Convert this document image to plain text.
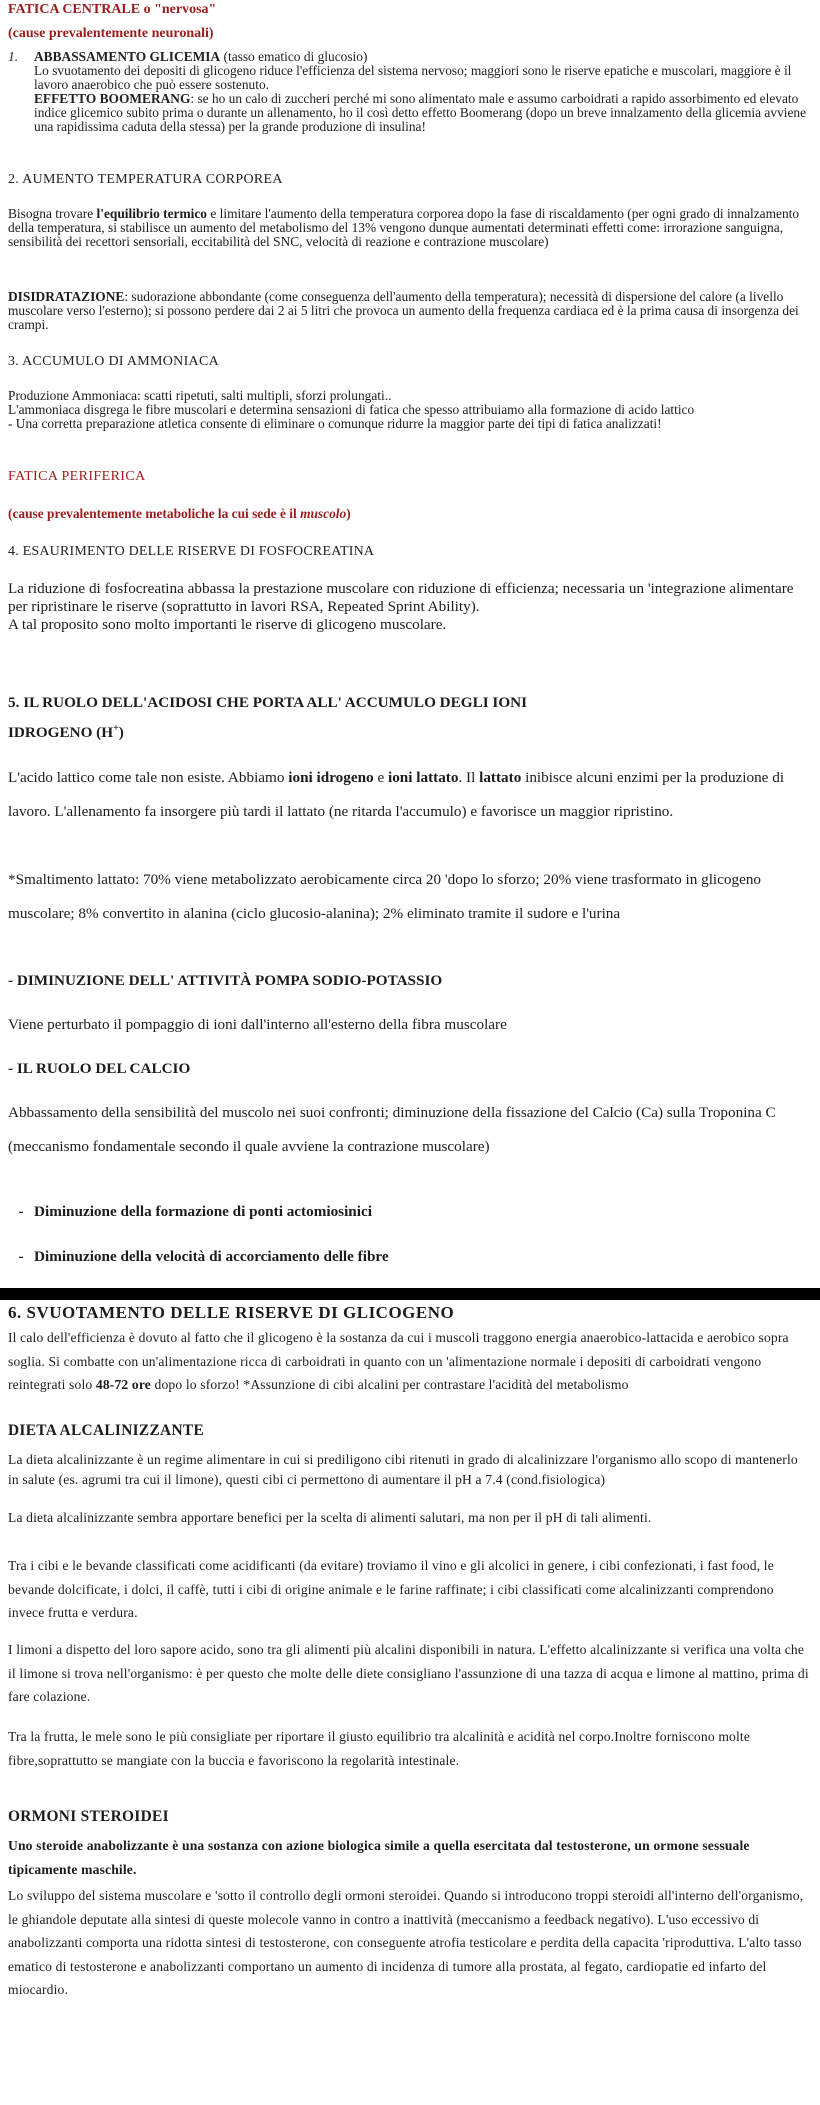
FATICA CENTRALE o "nervosa"

(cause prevalentemente neuronali)

1. ABBASSAMENTO GLICEMIA (tasso ematico di glucosio)
Lo svuotamento dei depositi di glicogeno riduce l'efficienza del sistema nervoso; maggiori sono le riserve epatiche e muscolari, maggiore è il lavoro anaerobico che può essere sostenuto.
EFFETTO BOOMERANG: se ho un calo di zuccheri perché mi sono alimentato male e assumo carboidrati a rapido assorbimento ed elevato indice glicemico subito prima o durante un allenamento, ho il così detto effetto Boomerang (dopo un breve innalzamento della glicemia avviene una rapidissima caduta della stessa) per la grande produzione di insulina!

2. AUMENTO TEMPERATURA CORPOREA

Bisogna trovare l'equilibrio termico e limitare l'aumento della temperatura corporea dopo la fase di riscaldamento (per ogni grado di innalzamento della temperatura, si stabilisce un aumento del metabolismo del 13% vengono dunque aumentati determinati effetti come: irrorazione sanguigna, sensibilità dei recettori sensoriali, eccitabilità del SNC, velocità di reazione e contrazione muscolare)

DISIDRATAZIONE: sudorazione abbondante (come conseguenza dell'aumento della temperatura); necessità di dispersione del calore (a livello muscolare verso l'esterno); si possono perdere dai 2 ai 5 litri che provoca un aumento della frequenza cardiaca ed è la prima causa di insorgenza dei crampi.

3. ACCUMULO DI AMMONIACA

Produzione Ammoniaca: scatti ripetuti, salti multipli, sforzi prolungati..
L'ammoniaca disgrega le fibre muscolari e determina sensazioni di fatica che spesso attribuiamo alla formazione di acido lattico
- Una corretta preparazione atletica consente di eliminare o comunque ridurre la maggior parte dei tipi di fatica analizzati!

FATICA PERIFERICA

(cause prevalentemente metaboliche la cui sede è il muscolo)

4. ESAURIMENTO DELLE RISERVE DI FOSFOCREATINA

La riduzione di fosfocreatina abbassa la prestazione muscolare con riduzione di efficienza; necessaria un 'integrazione alimentare per ripristinare le riserve (soprattutto in lavori RSA, Repeated Sprint Ability).
A tal proposito sono molto importanti le riserve di glicogeno muscolare.
5. IL RUOLO DELL'ACIDOSI CHE PORTA ALL' ACCUMULO DEGLI IONI
IDROGENO (H+)

L'acido lattico come tale non esiste. Abbiamo ioni idrogeno e ioni lattato. Il lattato inibisce alcuni enzimi per la produzione di lavoro. L'allenamento fa insorgere più tardi il lattato (ne ritarda l'accumulo) e favorisce un maggior ripristino.

*Smaltimento lattato: 70% viene metabolizzato aerobicamente circa 20 'dopo lo sforzo; 20% viene trasformato in glicogeno muscolare; 8% convertito in alanina (ciclo glucosio-alanina); 2% eliminato tramite il sudore e l'urina

- DIMINUZIONE DELL' ATTIVITÀ POMPA SODIO-POTASSIO

Viene perturbato il pompaggio di ioni dall'interno all'esterno della fibra muscolare

- IL RUOLO DEL CALCIO

Abbassamento della sensibilità del muscolo nei suoi confronti; diminuzione della fissazione del Calcio (Ca) sulla Troponina C (meccanismo fondamentale secondo il quale avviene la contrazione muscolare)

- Diminuzione della formazione di ponti actomiosinici
- Diminuzione della velocità di accorciamento delle fibre

6. SVUOTAMENTO DELLE RISERVE DI GLICOGENO

Il calo dell'efficienza è dovuto al fatto che il glicogeno è la sostanza da cui i muscoli traggono energia anaerobico-lattacida e aerobico sopra soglia. Si combatte con un'alimentazione ricca di carboidrati in quanto con un 'alimentazione normale i depositi di carboidrati vengono reintegrati solo 48-72 ore dopo lo sforzo! *Assunzione di cibi alcalini per contrastare l'acidità del metabolismo

DIETA ALCALINIZZANTE

La dieta alcalinizzante è un regime alimentare in cui si prediligono cibi ritenuti in grado di alcalinizzare l'organismo allo scopo di mantenerlo in salute (es. agrumi tra cui il limone), questi cibi ci permettono di aumentare il pH a 7.4 (cond.fisiologica)

La dieta alcalinizzante sembra apportare benefici per la scelta di alimenti salutari, ma non per il pH di tali alimenti.

Tra i cibi e le bevande classificati come acidificanti (da evitare) troviamo il vino e gli alcolici in genere, i cibi confezionati, i fast food, le bevande dolcificate, i dolci, il caffè, tutti i cibi di origine animale e le farine raffinate; i cibi classificati come alcalinizzanti comprendono invece frutta e verdura.

I limoni a dispetto del loro sapore acido, sono tra gli alimenti più alcalini disponibili in natura. L'effetto alcalinizzante si verifica una volta che il limone si trova nell'organismo: è per questo che molte delle diete consigliano l'assunzione di una tazza di acqua e limone al mattino, prima di fare colazione.

Tra la frutta, le mele sono le più consigliate per riportare il giusto equilibrio tra alcalinità e acidità nel corpo.Inoltre forniscono molte fibre,soprattutto se mangiate con la buccia e favoriscono la regolarità intestinale.

ORMONI STEROIDEI

Uno steroide anabolizzante è una sostanza con azione biologica simile a quella esercitata dal testosterone, un ormone sessuale tipicamente maschile.

Lo sviluppo del sistema muscolare e 'sotto il controllo degli ormoni steroidei. Quando si introducono troppi steroidi all'interno dell'organismo, le ghiandole deputate alla sintesi di queste molecole vanno in contro a inattività (meccanismo a feedback negativo). L'uso eccessivo di anabolizzanti comporta una ridotta sintesi di testosterone, con conseguente atrofia testicolare e perdita della capacita 'riproduttiva. L'alto tasso ematico di testosterone e anabolizzanti comportano un aumento di incidenza di tumore alla prostata, al fegato, cardiopatie ed infarto del miocardio.
